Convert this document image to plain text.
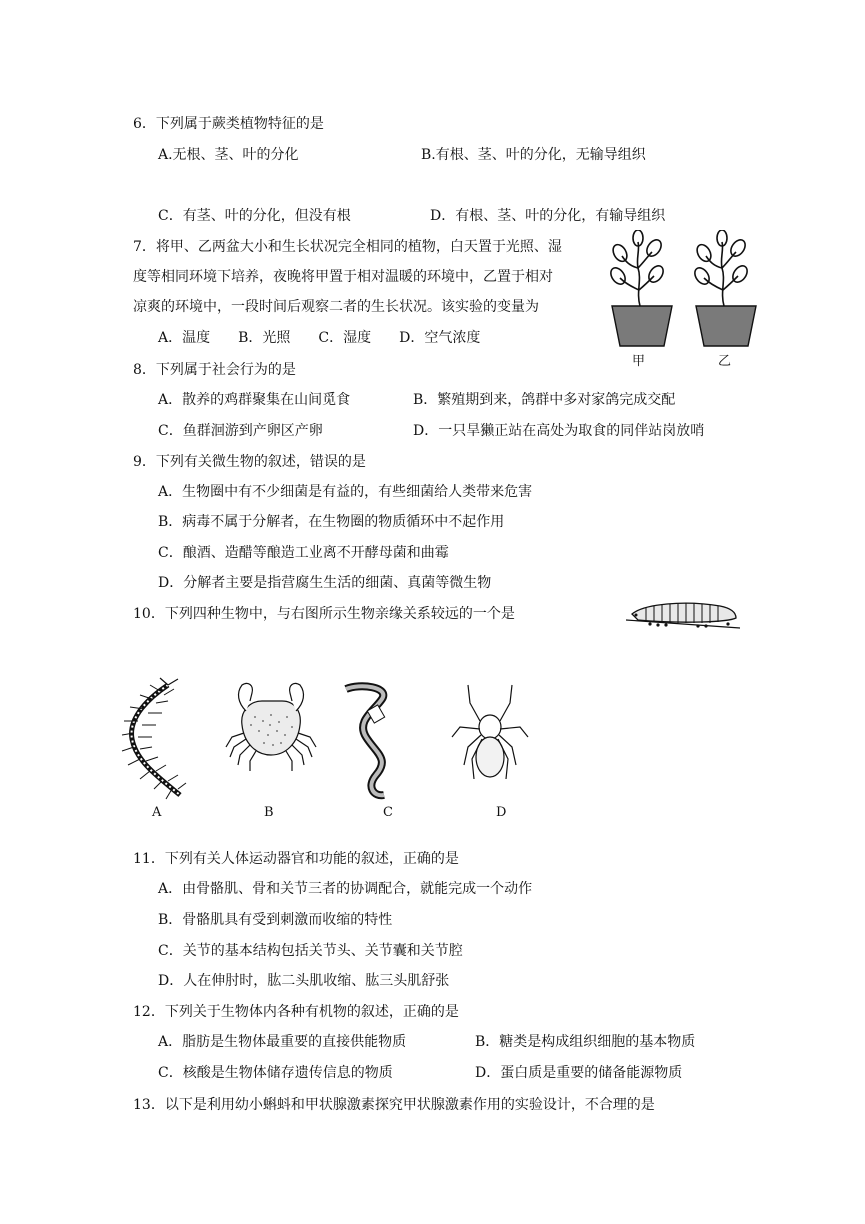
6．下列属于蕨类植物特征的是
A.无根、茎、叶的分化	B.有根、茎、叶的分化，无输导组织
C．有茎、叶的分化，但没有根	D．有根、茎、叶的分化，有输导组织
7．将甲、乙两盆大小和生长状况完全相同的植物，白天置于光照、湿
度等相同环境下培养，夜晚将甲置于相对温暖的环境中，乙置于相对
凉爽的环境中，一段时间后观察二者的生长状况。该实验的变量为
A．温度　　B．光照　　C．湿度　　D．空气浓度
甲	乙
8．下列属于社会行为的是
A．散养的鸡群聚集在山间觅食	B．繁殖期到来，鸽群中多对家鸽完成交配
C．鱼群洄游到产卵区产卵	D．一只旱獭正站在高处为取食的同伴站岗放哨
9．下列有关微生物的叙述，错误的是
A．生物圈中有不少细菌是有益的，有些细菌给人类带来危害
B．病毒不属于分解者，在生物圈的物质循环中不起作用
C．酿酒、造醋等酿造工业离不开酵母菌和曲霉
D．分解者主要是指营腐生生活的细菌、真菌等微生物
10．下列四种生物中，与右图所示生物亲缘关系较远的一个是
A	B	C	D
11．下列有关人体运动器官和功能的叙述，正确的是
A．由骨骼肌、骨和关节三者的协调配合，就能完成一个动作
B．骨骼肌具有受到刺激而收缩的特性
C．关节的基本结构包括关节头、关节囊和关节腔
D．人在伸肘时，肱二头肌收缩、肱三头肌舒张
12．下列关于生物体内各种有机物的叙述，正确的是
A．脂肪是生物体最重要的直接供能物质	B．糖类是构成组织细胞的基本物质
C．核酸是生物体储存遗传信息的物质	D．蛋白质是重要的储备能源物质
13．以下是利用幼小蝌蚪和甲状腺激素探究甲状腺激素作用的实验设计，不合理的是
